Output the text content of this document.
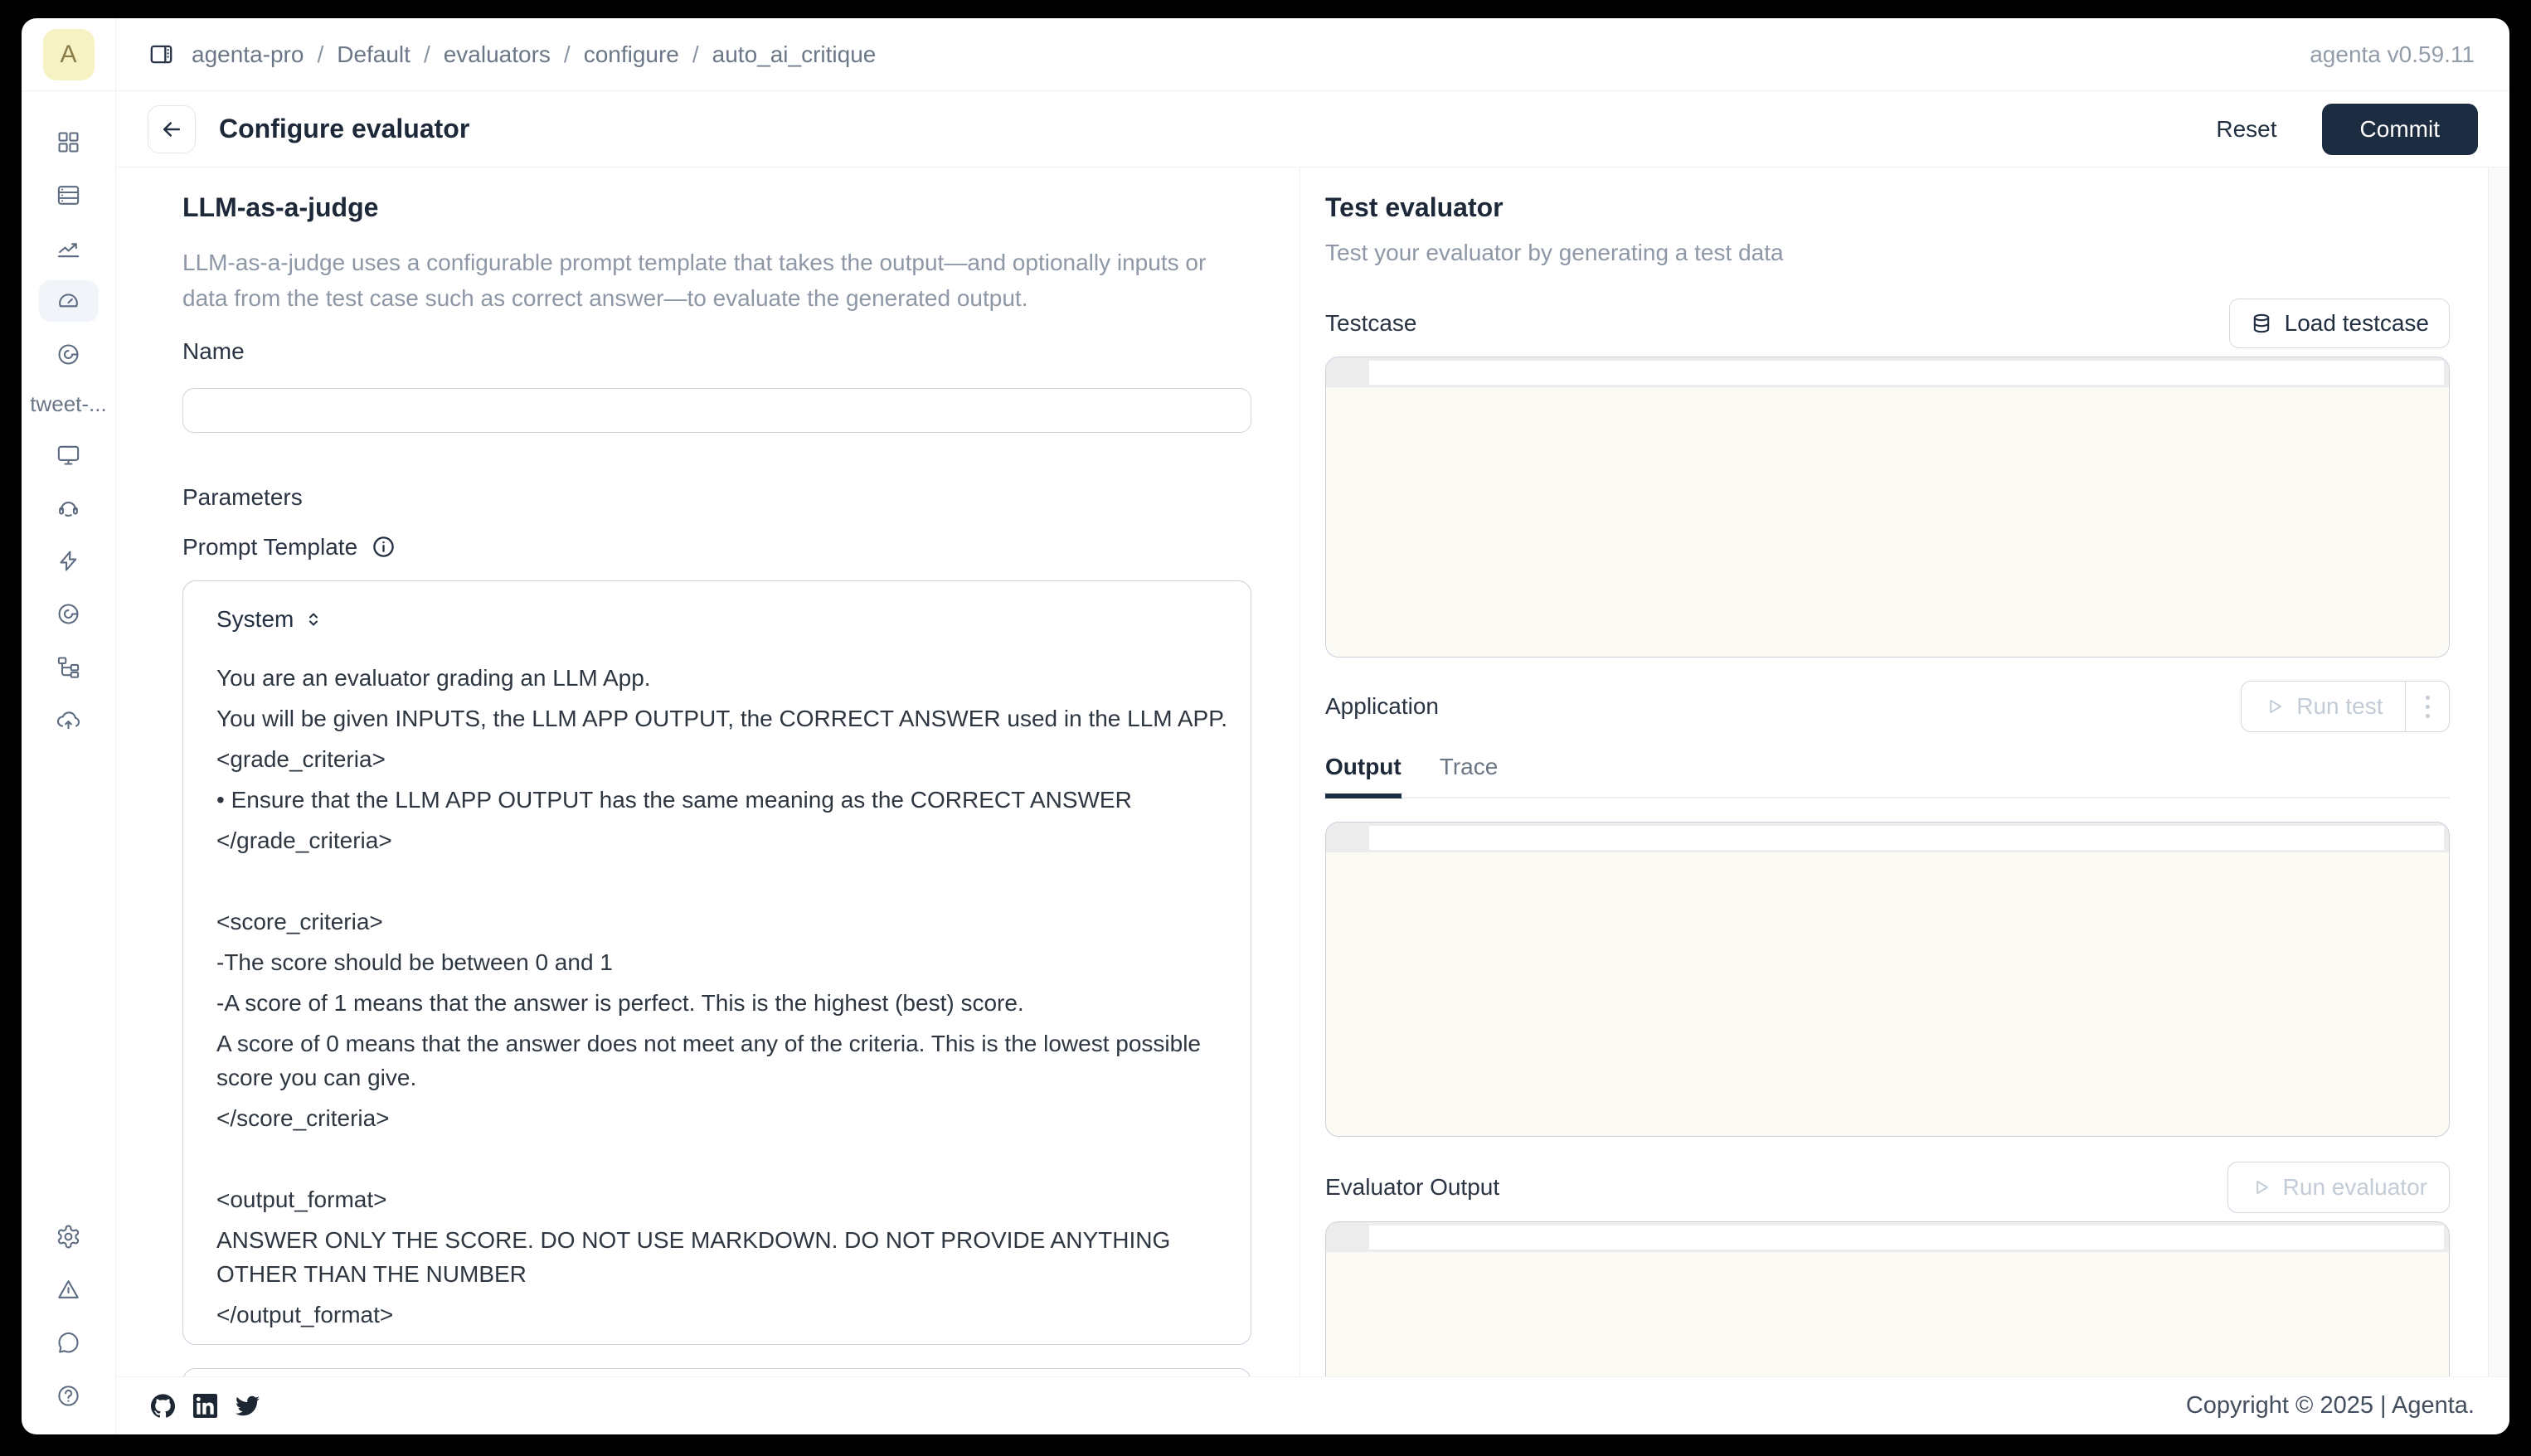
A	agenta-pro / Default / evaluators / configure / auto_ai_critique	agenta v0.59.11
tweet-...
Configure evaluator	Reset	Commit
LLM-as-a-judge

LLM-as-a-judge uses a configurable prompt template that takes the output—and optionally inputs or data from the test case such as correct answer—to evaluate the generated output.

Name
Parameters
Prompt Template
System

You are an evaluator grading an LLM App.

You will be given INPUTS, the LLM APP OUTPUT, the CORRECT ANSWER used in the LLM APP.

<grade_criteria>

• Ensure that the LLM APP OUTPUT has the same meaning as the CORRECT ANSWER

</grade_criteria>

<score_criteria>

-The score should be between 0 and 1

-A score of 1 means that the answer is perfect. This is the highest (best) score.

A score of 0 means that the answer does not meet any of the criteria. This is the lowest possible score you can give.

</score_criteria>

<output_format>

ANSWER ONLY THE SCORE. DO NOT USE MARKDOWN. DO NOT PROVIDE ANYTHING OTHER THAN THE NUMBER

</output_format>

Test evaluator

Test your evaluator by generating a test data

Testcase	Load testcase
Application	Run test
Output Trace
Evaluator Output	Run evaluator
Copyright © 2025 | Agenta.
